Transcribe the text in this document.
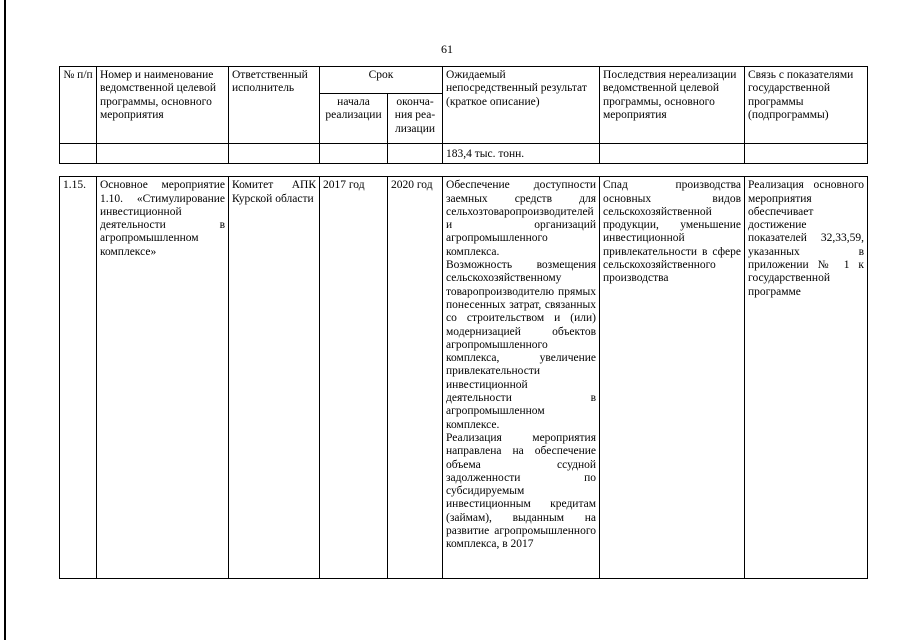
61
№ п/п	Номер и наименование ведомственной целевой программы, основного мероприятия	Ответственный исполнитель	Срок		Ожидаемый непосредственный результат (краткое описание)	Последствия нереализации ведомственной целевой программы, основного мероприятия	Связь с показателями государственной программы (подпрограммы)
			начала реализации	оконча- ния реа- лизации			
					183,4 тыс. тонн.		

1.15.	Основное мероприятие 1.10. «Стимулирование инвестиционной деятельности в агропромышленном комплексе»	Комитет АПК Курской области	2017 год	2020 год	Обеспечение доступности заемных средств для сельхозтоваропроизводителей и организаций агропромышленного комплекса.
Возможность возмещения сельскохозяйственному товаропроизводителю прямых понесенных затрат, связанных со строительством и (или) модернизацией объектов агропромышленного комплекса, увеличение привлекательности инвестиционной деятельности в агропромышленном комплексе.
Реализация мероприятия направлена на обеспечение объема ссудной задолженности по субсидируемым инвестиционным кредитам (займам), выданным на развитие агропромышленного комплекса, в 2017	Спад производства основных видов сельскохозяйственной продукции, уменьшение инвестиционной привлекательности в сфере сельскохозяйственного производства	Реализация основного мероприятия обеспечивает достижение показателей 32,33,59, указанных в приложении № 1 к государственной программе
